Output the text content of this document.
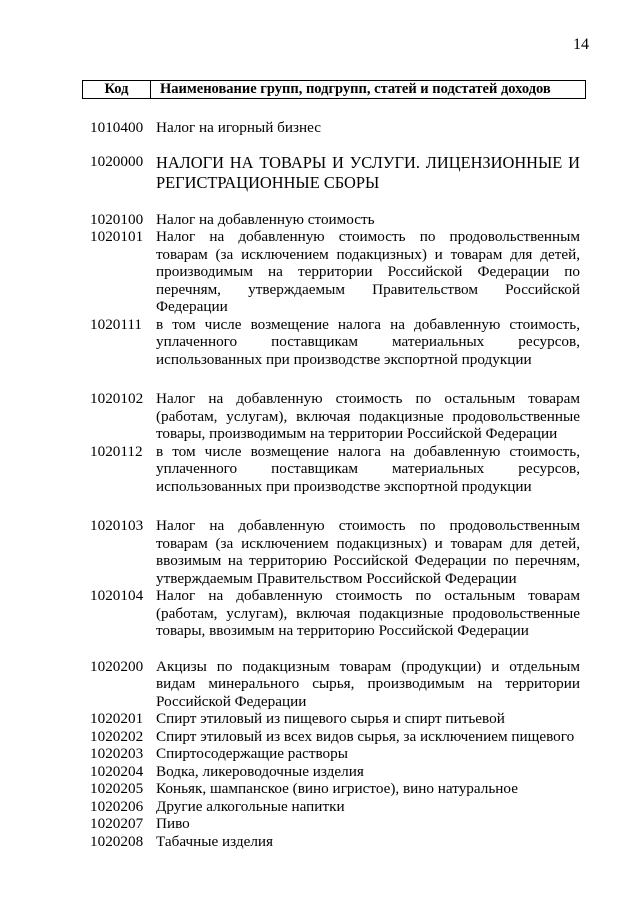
14
Код	Наименование групп, подгрупп, статей и подстатей доходов
1010400 Налог на игорный бизнес
1020000 НАЛОГИ НА ТОВАРЫ И УСЛУГИ. ЛИЦЕНЗИОННЫЕ И РЕГИСТРАЦИОННЫЕ СБОРЫ
1020100 Налог на добавленную стоимость
1020101 Налог на добавленную стоимость по продовольственным товарам (за исключением подакцизных) и товарам для детей, производимым на территории Российской Федерации по перечням, утверждаемым Правительством Российской Федерации
1020111 в том числе возмещение налога на добавленную стоимость, уплаченного поставщикам материальных ресурсов, использованных при производстве экспортной продукции
1020102 Налог на добавленную стоимость по остальным товарам (работам, услугам), включая подакцизные продовольственные товары, производимым на территории Российской Федерации
1020112 в том числе возмещение налога на добавленную стоимость, уплаченного поставщикам материальных ресурсов, использованных при производстве экспортной продукции
1020103 Налог на добавленную стоимость по продовольственным товарам (за исключением подакцизных) и товарам для детей, ввозимым на территорию Российской Федерации по перечням, утверждаемым Правительством Российской Федерации
1020104 Налог на добавленную стоимость по остальным товарам (работам, услугам), включая подакцизные продовольственные товары, ввозимым на территорию Российской Федерации
1020200 Акцизы по подакцизным товарам (продукции) и отдельным видам минерального сырья, производимым на территории Российской Федерации
1020201 Спирт этиловый из пищевого сырья и спирт питьевой
1020202 Спирт этиловый из всех видов сырья, за исключением пищевого
1020203 Спиртосодержащие растворы
1020204 Водка, ликероводочные изделия
1020205 Коньяк, шампанское (вино игристое), вино натуральное
1020206 Другие алкогольные напитки
1020207 Пиво
1020208 Табачные изделия
